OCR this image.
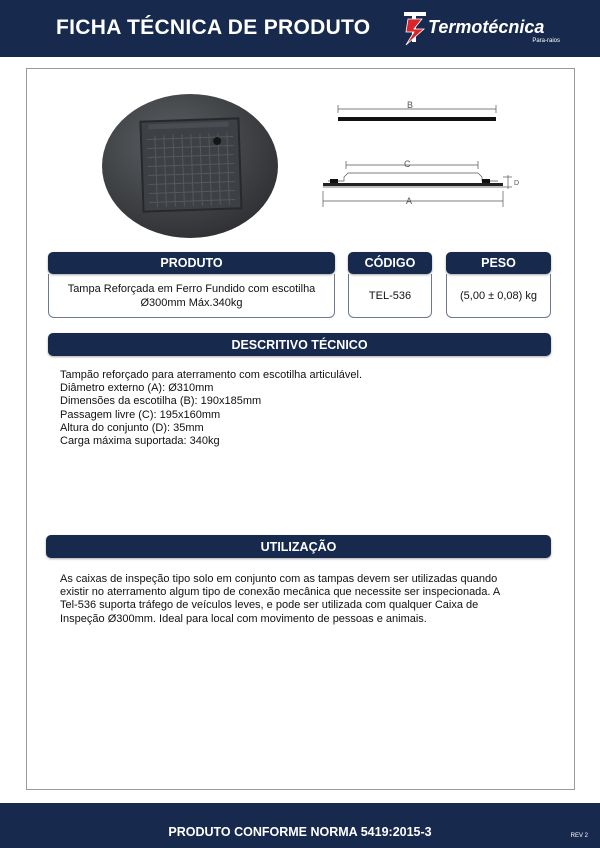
FICHA TÉCNICA DE PRODUTO	Termotécnica
Para-raios
B
C
D
A
PRODUTO	CÓDIGO	PESO
Tampa Reforçada em Ferro Fundido com escotilha
Ø300mm Máx.340kg
TEL-536	(5,00 ± 0,08) kg
DESCRITIVO TÉCNICO
Tampão reforçado para aterramento com escotilha articulável.
Diâmetro externo (A): Ø310mm
Dimensões da escotilha (B): 190x185mm
Passagem livre (C): 195x160mm
Altura do conjunto (D): 35mm
Carga máxima suportada: 340kg
UTILIZAÇÃO
As caixas de inspeção tipo solo em conjunto com as tampas devem ser utilizadas quando
existir no aterramento algum tipo de conexão mecânica que necessite ser inspecionada. A
Tel-536 suporta tráfego de veículos leves, e pode ser utilizada com qualquer Caixa de
Inspeção Ø300mm. Ideal para local com movimento de pessoas e animais.
PRODUTO CONFORME NORMA 5419:2015-3	REV 2
